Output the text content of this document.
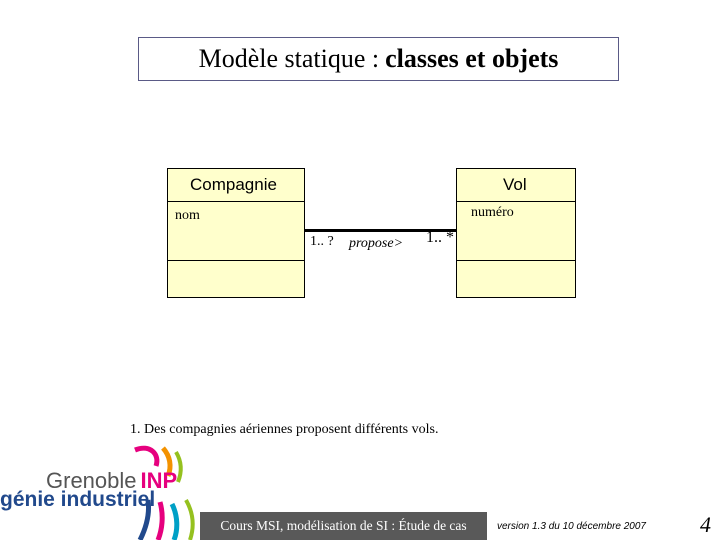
Modèle statique : classes et objets
Compagnie
nom
Vol
numéro
1.. ? propose> 1.. *
1. Des compagnies aériennes proposent différents vols.
Grenoble INP
génie industriel
Cours MSI, modélisation de SI : Étude de cas	version 1.3 du 10 décembre 2007 4
